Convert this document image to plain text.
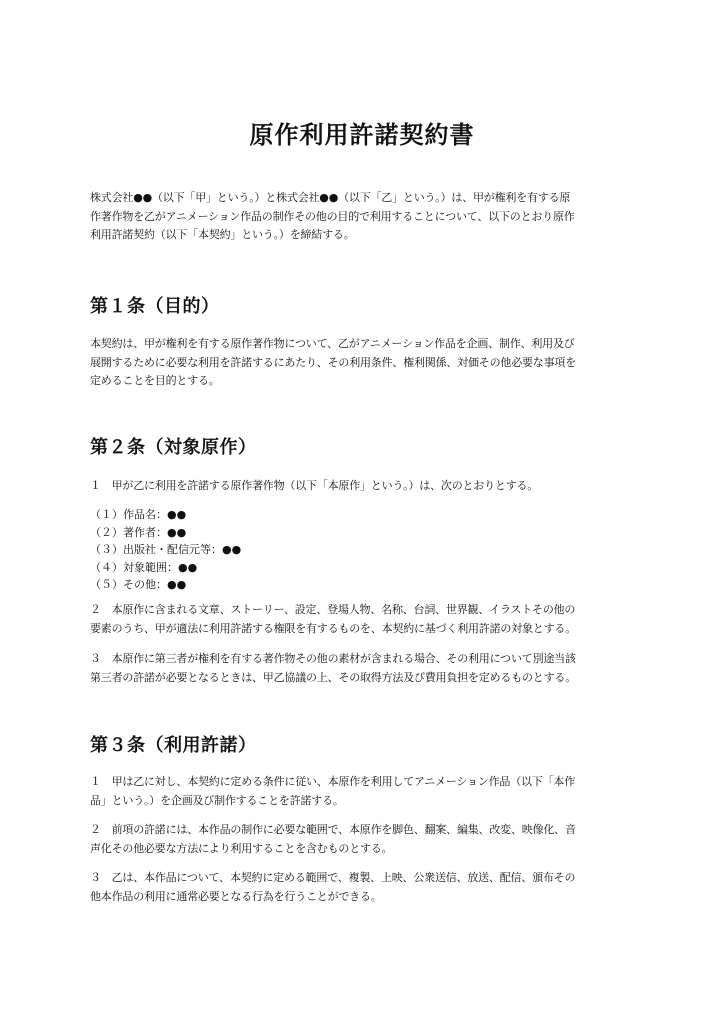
原作利用許諾契約書
株式会社●●（以下「甲」という。）と株式会社●●（以下「乙」という。）は、甲が権利を有する原
作著作物を乙がアニメーション作品の制作その他の目的で利用することについて、以下のとおり原作
利用許諾契約（以下「本契約」という。）を締結する。
第１条（目的）
本契約は、甲が権利を有する原作著作物について、乙がアニメーション作品を企画、制作、利用及び
展開するために必要な利用を許諾するにあたり、その利用条件、権利関係、対価その他必要な事項を
定めることを目的とする。
第２条（対象原作）
１　甲が乙に利用を許諾する原作著作物（以下「本原作」という。）は、次のとおりとする。
（１）作品名：●●
（２）著作者：●●
（３）出版社・配信元等：●●
（４）対象範囲：●●
（５）その他：●●
２　本原作に含まれる文章、ストーリー、設定、登場人物、名称、台詞、世界観、イラストその他の
要素のうち、甲が適法に利用許諾する権限を有するものを、本契約に基づく利用許諾の対象とする。
３　本原作に第三者が権利を有する著作物その他の素材が含まれる場合、その利用について別途当該
第三者の許諾が必要となるときは、甲乙協議の上、その取得方法及び費用負担を定めるものとする。
第３条（利用許諾）
１　甲は乙に対し、本契約に定める条件に従い、本原作を利用してアニメーション作品（以下「本作
品」という。）を企画及び制作することを許諾する。
２　前項の許諾には、本作品の制作に必要な範囲で、本原作を脚色、翻案、編集、改変、映像化、音
声化その他必要な方法により利用することを含むものとする。
３　乙は、本作品について、本契約に定める範囲で、複製、上映、公衆送信、放送、配信、頒布その
他本作品の利用に通常必要となる行為を行うことができる。
